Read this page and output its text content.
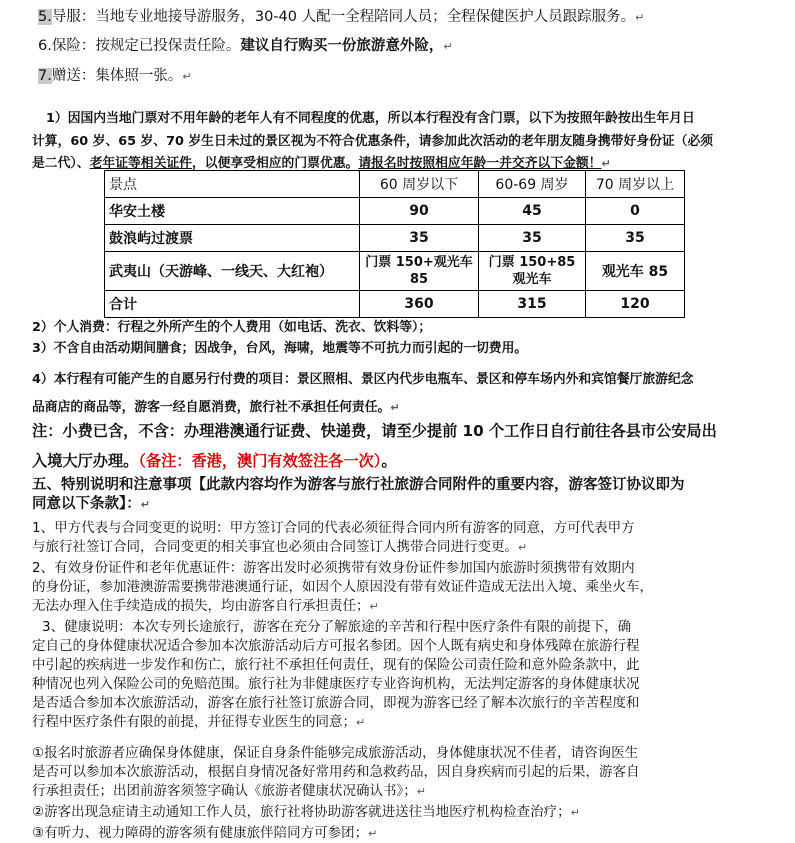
5.导服：当地专业地接导游服务，30-40 人配一全程陪同人员；全程保健医护人员跟踪服务。↵
6.保险：按规定已投保责任险。建议自行购买一份旅游意外险，↵
7.赠送：集体照一张。↵
1）因国内当地门票对不用年龄的老年人有不同程度的优惠，所以本行程没有含门票，以下为按照年龄按出生年月日
计算，60 岁、65 岁、70 岁生日未过的景区视为不符合优惠条件，请参加此次活动的老年朋友随身携带好身份证（必须
是二代）、老年证等相关证件，以便享受相应的门票优惠。请报名时按照相应年龄一并交齐以下金额！↵
景点	60 周岁以下	60-69 周岁	70 周岁以上
华安土楼	90	45	0
鼓浪屿过渡票	35	35	35
武夷山（天游峰、一线天、大红袍）	门票 150+观光车 85	门票 150+85 观光车	观光车 85
合计	360	315	120
2）个人消费：行程之外所产生的个人费用（如电话、洗衣、饮料等）；
3）不含自由活动期间膳食；因战争，台风，海啸，地震等不可抗力而引起的一切费用。
4）本行程有可能产生的自愿另行付费的项目：景区照相、景区内代步电瓶车、景区和停车场内外和宾馆餐厅旅游纪念
品商店的商品等，游客一经自愿消费，旅行社不承担任何责任。↵
注：小费已含，不含：办理港澳通行证费、快递费，请至少提前 10 个工作日自行前往各县市公安局出
入境大厅办理。（备注：香港，澳门有效签注各一次）。
五、特别说明和注意事项【此款内容均作为游客与旅行社旅游合同附件的重要内容，游客签订协议即为
同意以下条款】：↵
1、甲方代表与合同变更的说明：甲方签订合同的代表必须征得合同内所有游客的同意，方可代表甲方
与旅行社签订合同，合同变更的相关事宜也必须由合同签订人携带合同进行变更。↵
2、有效身份证件和老年优惠证件：游客出发时必须携带有效身份证件参加国内旅游时须携带有效期内
的身份证，参加港澳游需要携带港澳通行证，如因个人原因没有带有效证件造成无法出入境、乘坐火车，
无法办理入住手续造成的损失，均由游客自行承担责任；↵
3、健康说明：本次专列长途旅行，游客在充分了解旅途的辛苦和行程中医疗条件有限的前提下，确
定自己的身体健康状况适合参加本次旅游活动后方可报名参团。因个人既有病史和身体残障在旅游行程
中引起的疾病进一步发作和伤亡，旅行社不承担任何责任，现有的保险公司责任险和意外险条款中，此
种情况也列入保险公司的免赔范围。旅行社为非健康医疗专业咨询机构，无法判定游客的身体健康状况
是否适合参加本次旅游活动，游客在旅行社签订旅游合同，即视为游客已经了解本次旅行的辛苦程度和
行程中医疗条件有限的前提，并征得专业医生的同意；↵
①报名时旅游者应确保身体健康，保证自身条件能够完成旅游活动，身体健康状况不佳者，请咨询医生
是否可以参加本次旅游活动，根据自身情况备好常用药和急救药品，因自身疾病而引起的后果，游客自
行承担责任；出团前游客须签字确认《旅游者健康状况确认书》；↵
②游客出现急症请主动通知工作人员，旅行社将协助游客就进送往当地医疗机构检查治疗；↵
③有听力、视力障碍的游客须有健康旅伴陪同方可参团；↵
